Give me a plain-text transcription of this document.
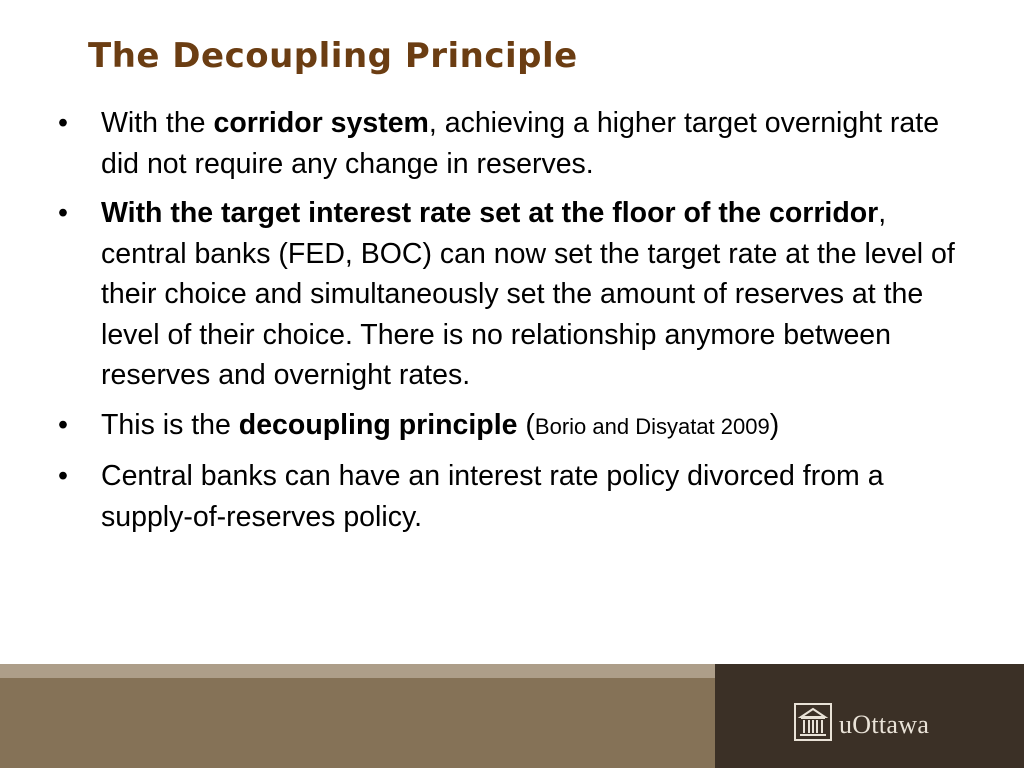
The Decoupling Principle
•	With the corridor system, achieving a higher target overnight rate did not require any change in reserves.
•	With the target interest rate set at the floor of the corridor, central banks (FED, BOC) can now set the target rate at the level of their choice and simultaneously set the amount of reserves at the level of their choice. There is no relationship anymore between reserves and overnight rates.
•	This is the decoupling principle (Borio and Disyatat 2009)
•	Central banks can have an interest rate policy divorced from a supply-of-reserves policy.
uOttawa
